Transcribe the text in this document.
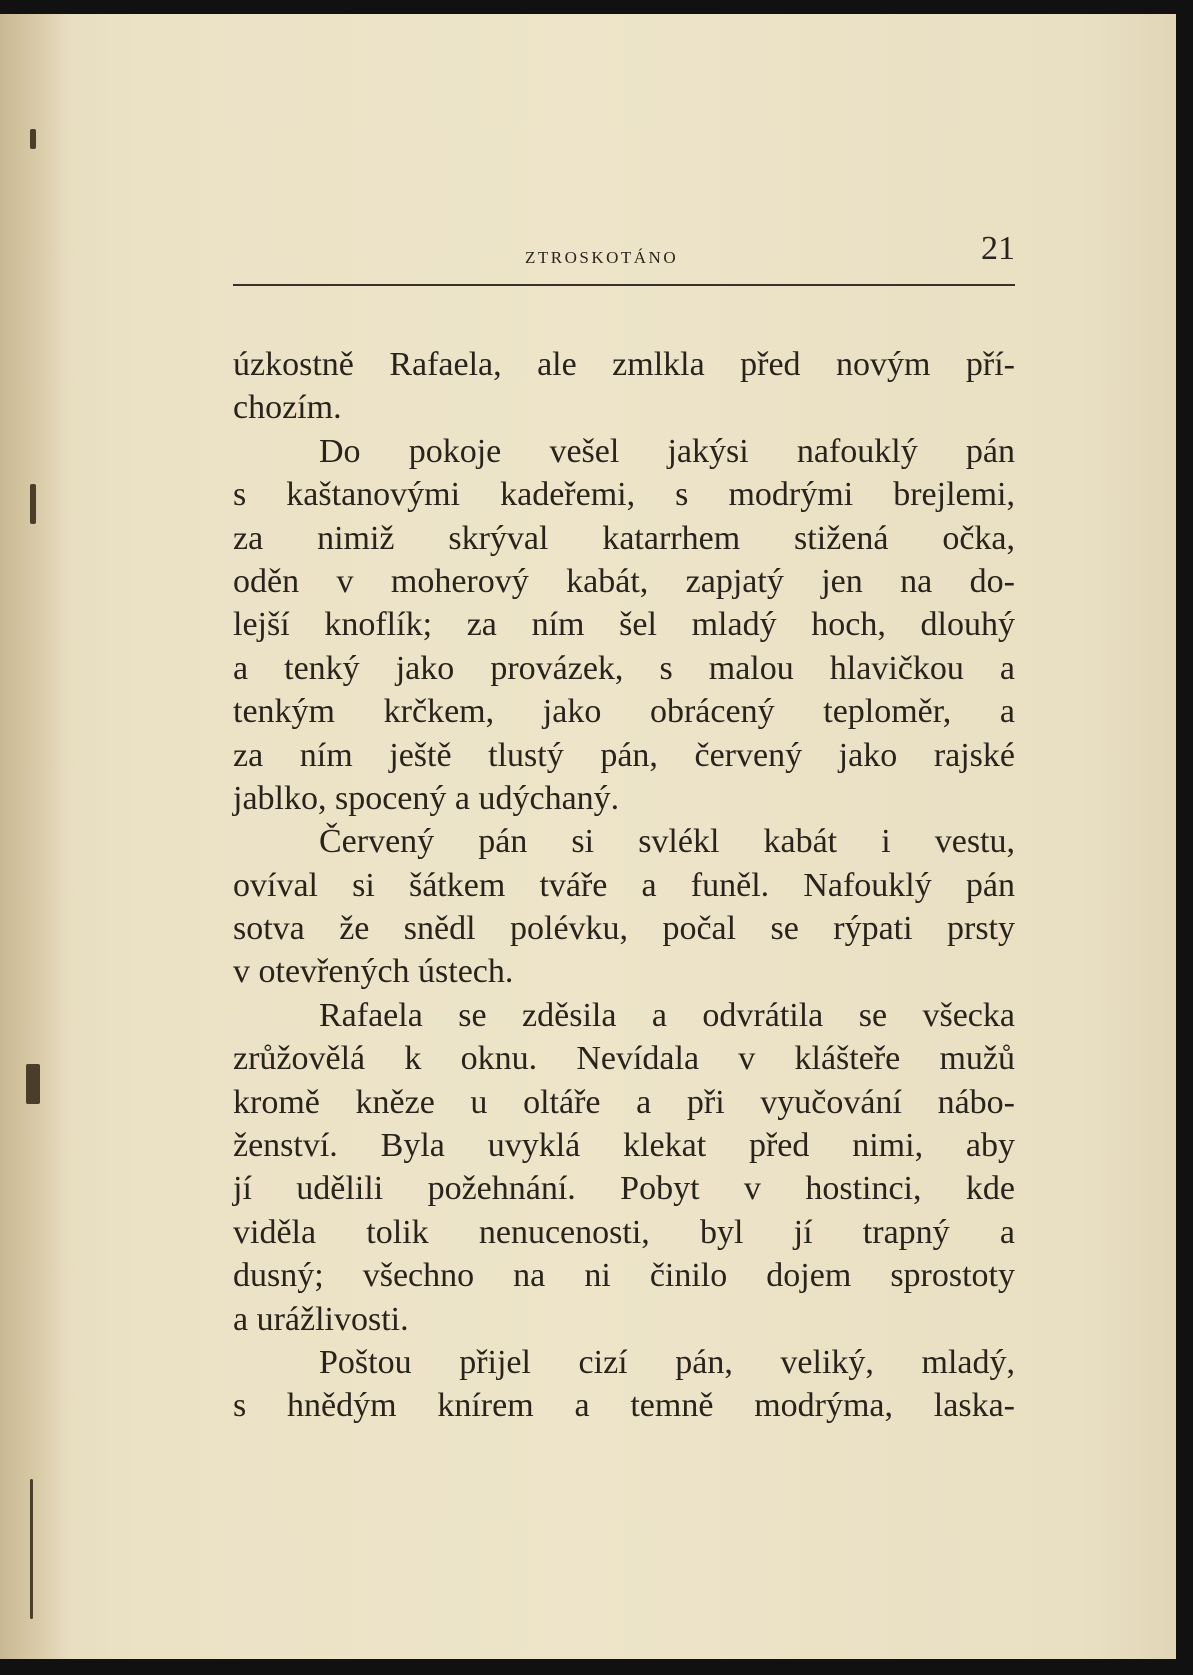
ZTROSKOTÁNO	21
úzkostně Rafaela, ale zmlkla před novým pří-
chozím.
Do pokoje vešel jakýsi nafouklý pán
s kaštanovými kadeřemi, s modrými brejlemi,
za nimiž skrýval katarrhem stižená očka,
oděn v moherový kabát, zapjatý jen na do-
lejší knoflík; za ním šel mladý hoch, dlouhý
a tenký jako provázek, s malou hlavičkou a
tenkým krčkem, jako obrácený teploměr, a
za ním ještě tlustý pán, červený jako rajské
jablko, spocený a udýchaný.
Červený pán si svlékl kabát i vestu,
ovíval si šátkem tváře a funěl. Nafouklý pán
sotva že snědl polévku, počal se rýpati prsty
v otevřených ústech.
Rafaela se zděsila a odvrátila se všecka
zrůžovělá k oknu. Nevídala v klášteře mužů
kromě kněze u oltáře a při vyučování nábo-
ženství. Byla uvyklá klekat před nimi, aby
jí udělili požehnání. Pobyt v hostinci, kde
viděla tolik nenucenosti, byl jí trapný a
dusný; všechno na ni činilo dojem sprostoty
a urážlivosti.
Poštou přijel cizí pán, veliký, mladý,
s hnědým knírem a temně modrýma, laska-
